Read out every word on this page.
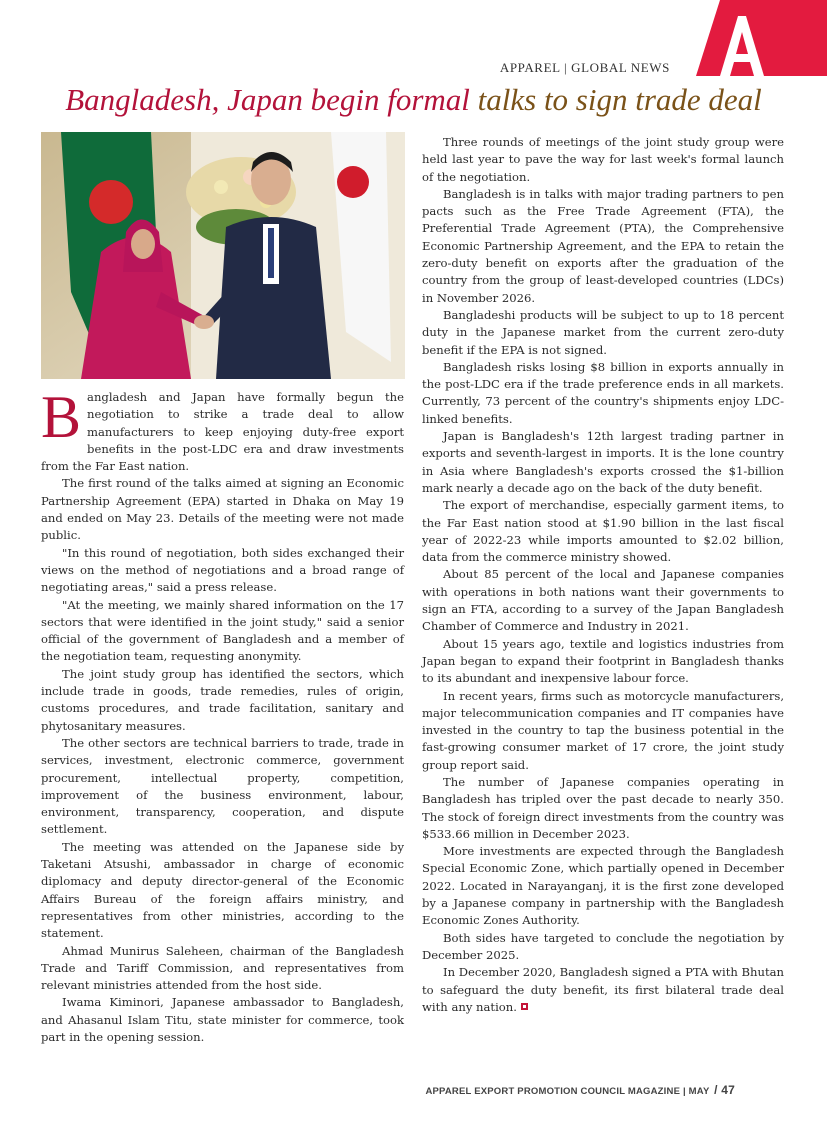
APPAREL | GLOBAL NEWS
Bangladesh, Japan begin formal talks to sign trade deal

Bangladesh and Japan have formally begun the negotiation to strike a trade deal to allow manufacturers to keep enjoying duty-free export benefits in the post-LDC era and draw investments from the Far East nation.

The first round of the talks aimed at signing an Economic Partnership Agreement (EPA) started in Dhaka on May 19 and ended on May 23. Details of the meeting were not made public.

"In this round of negotiation, both sides exchanged their views on the method of negotiations and a broad range of negotiating areas," said a press release.

"At the meeting, we mainly shared information on the 17 sectors that were identified in the joint study," said a senior official of the government of Bangladesh and a member of the negotiation team, requesting anonymity.

The joint study group has identified the sectors, which include trade in goods, trade remedies, rules of origin, customs procedures, and trade facilitation, sanitary and phytosanitary measures.

The other sectors are technical barriers to trade, trade in services, investment, electronic commerce, government procurement, intellectual property, competition, improvement of the business environment, labour, environment, transparency, cooperation, and dispute settlement.

The meeting was attended on the Japanese side by Taketani Atsushi, ambassador in charge of economic diplomacy and deputy director-general of the Economic Affairs Bureau of the foreign affairs ministry, and representatives from other ministries, according to the statement.

Ahmad Munirus Saleheen, chairman of the Bangladesh Trade and Tariff Commission, and representatives from relevant ministries attended from the host side.

Iwama Kiminori, Japanese ambassador to Bangladesh, and Ahasanul Islam Titu, state minister for commerce, took part in the opening session.

Three rounds of meetings of the joint study group were held last year to pave the way for last week's formal launch of the negotiation.

Bangladesh is in talks with major trading partners to pen pacts such as the Free Trade Agreement (FTA), the Preferential Trade Agreement (PTA), the Comprehensive Economic Partnership Agreement, and the EPA to retain the zero-duty benefit on exports after the graduation of the country from the group of least-developed countries (LDCs) in November 2026.

Bangladeshi products will be subject to up to 18 percent duty in the Japanese market from the current zero-duty benefit if the EPA is not signed.

Bangladesh risks losing $8 billion in exports annually in the post-LDC era if the trade preference ends in all markets. Currently, 73 percent of the country's shipments enjoy LDC-linked benefits.

Japan is Bangladesh's 12th largest trading partner in exports and seventh-largest in imports. It is the lone country in Asia where Bangladesh's exports crossed the $1-billion mark nearly a decade ago on the back of the duty benefit.

The export of merchandise, especially garment items, to the Far East nation stood at $1.90 billion in the last fiscal year of 2022-23 while imports amounted to $2.02 billion, data from the commerce ministry showed.

About 85 percent of the local and Japanese companies with operations in both nations want their governments to sign an FTA, according to a survey of the Japan Bangladesh Chamber of Commerce and Industry in 2021.

About 15 years ago, textile and logistics industries from Japan began to expand their footprint in Bangladesh thanks to its abundant and inexpensive labour force.

In recent years, firms such as motorcycle manufacturers, major telecommunication companies and IT companies have invested in the country to tap the business potential in the fast-growing consumer market of 17 crore, the joint study group report said.

The number of Japanese companies operating in Bangladesh has tripled over the past decade to nearly 350. The stock of foreign direct investments from the country was $533.66 million in December 2023.

More investments are expected through the Bangladesh Special Economic Zone, which partially opened in December 2022. Located in Narayanganj, it is the first zone developed by a Japanese company in partnership with the Bangladesh Economic Zones Authority.

Both sides have targeted to conclude the negotiation by December 2025.

In December 2020, Bangladesh signed a PTA with Bhutan to safeguard the duty benefit, its first bilateral trade deal with any nation.

APPAREL EXPORT PROMOTION COUNCIL MAGAZINE | MAY / 47
